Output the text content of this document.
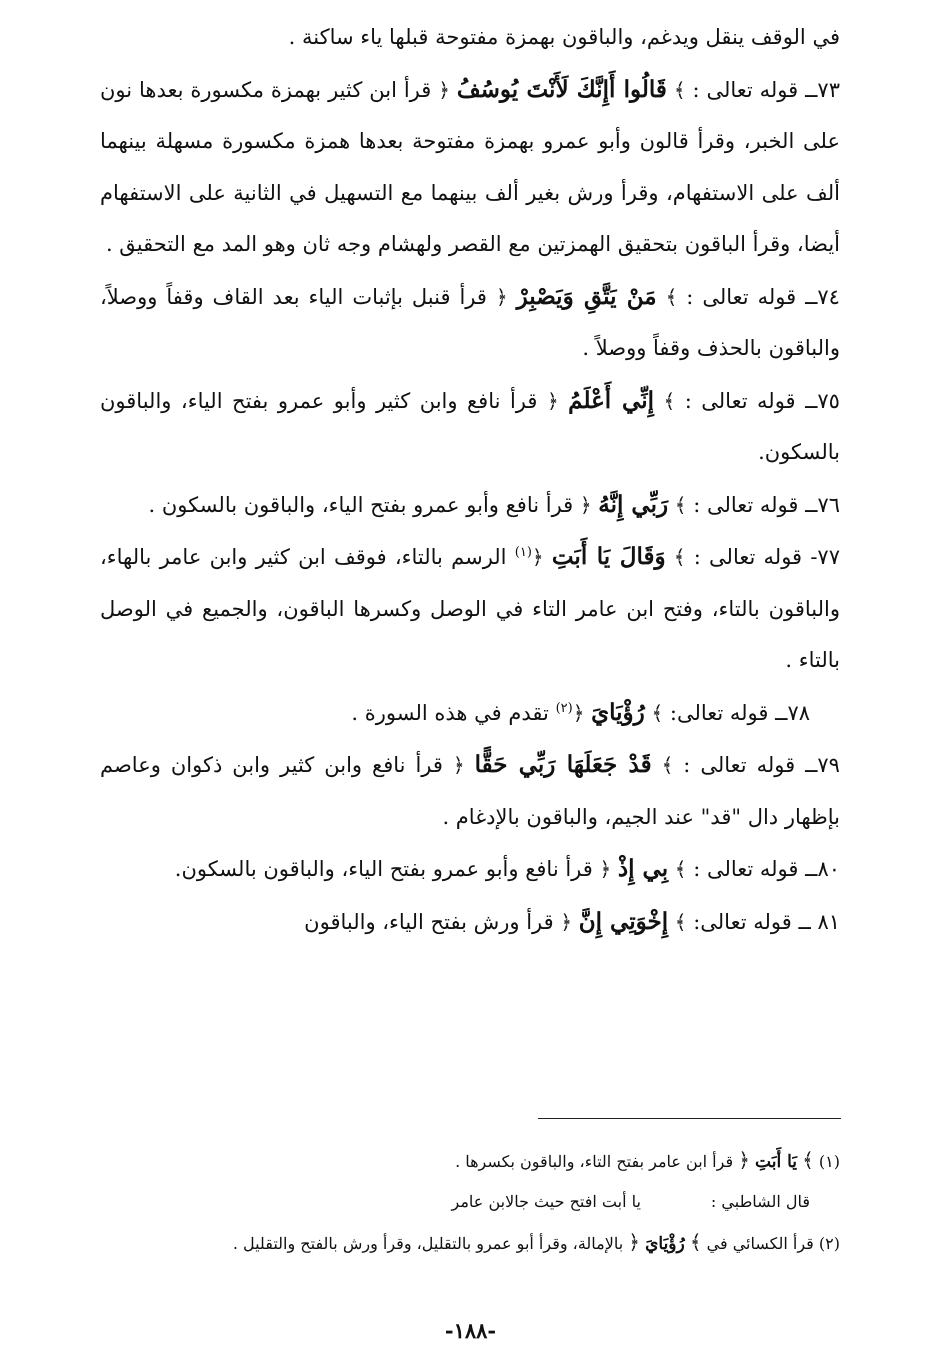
في الوقف ينقل ويدغم، والباقون بهمزة مفتوحة قبلها ياء ساكنة .

٧٣ــ قوله تعالى : ﴾ قَالُوا أَإِنَّكَ لَأَنْتَ يُوسُفُ ﴿ قرأ ابن كثير بهمزة مكسورة بعدها نون على الخبر، وقرأ قالون وأبو عمرو بهمزة مفتوحة بعدها همزة مكسورة مسهلة بينهما ألف على الاستفهام، وقرأ ورش بغير ألف بينهما مع التسهيل في الثانية على الاستفهام أيضا، وقرأ الباقون بتحقيق الهمزتين مع القصر ولهشام وجه ثان وهو المد مع التحقيق .

٧٤ــ قوله تعالى : ﴾ مَنْ يَتَّقِ وَيَصْبِرْ ﴿ قرأ قنبل بإثبات الياء بعد القاف وقفاً ووصلاً، والباقون بالحذف وقفاً ووصلاً .

٧٥ــ قوله تعالى : ﴾ إِنِّي أَعْلَمُ ﴿ قرأ نافع وابن كثير وأبو عمرو بفتح الياء، والباقون بالسكون.

٧٦ــ قوله تعالى : ﴾ رَبِّي إِنَّهُ ﴿ قرأ نافع وأبو عمرو بفتح الياء، والباقون بالسكون .

٧٧- قوله تعالى : ﴾ وَقَالَ يَا أَبَتِ ﴿$^{(١)}$ الرسم بالتاء، فوقف ابن كثير وابن عامر بالهاء، والباقون بالتاء، وفتح ابن عامر التاء في الوصل وكسرها الباقون، والجميع في الوصل بالتاء .

٧٨ــ قوله تعالى: ﴾ رُؤْيَايَ ﴿$^{(٢)}$ تقدم في هذه السورة .

٧٩ــ قوله تعالى : ﴾ قَدْ جَعَلَهَا رَبِّي حَقًّا ﴿ قرأ نافع وابن كثير وابن ذكوان وعاصم بإظهار دال "قد" عند الجيم، والباقون بالإدغام .

٨٠ــ قوله تعالى : ﴾ بِي إِذْ ﴿ قرأ نافع وأبو عمرو بفتح الياء، والباقون بالسكون.

٨١ ــ قوله تعالى: ﴾ إِخْوَتِي إِنَّ ﴿ قرأ ورش بفتح الياء، والباقون

(١) ﴾ يَا أَبَتِ ﴿ قرأ ابن عامر بفتح التاء، والباقون بكسرها .

قال الشاطبي :يا أبت افتح حيث جالابن عامر

(٢) قرأ الكسائي في ﴾ رُؤْيَايَ ﴿ بالإمالة، وقرأ أبو عمرو بالتقليل، وقرأ ورش بالفتح والتقليل .

-١٨٨-
